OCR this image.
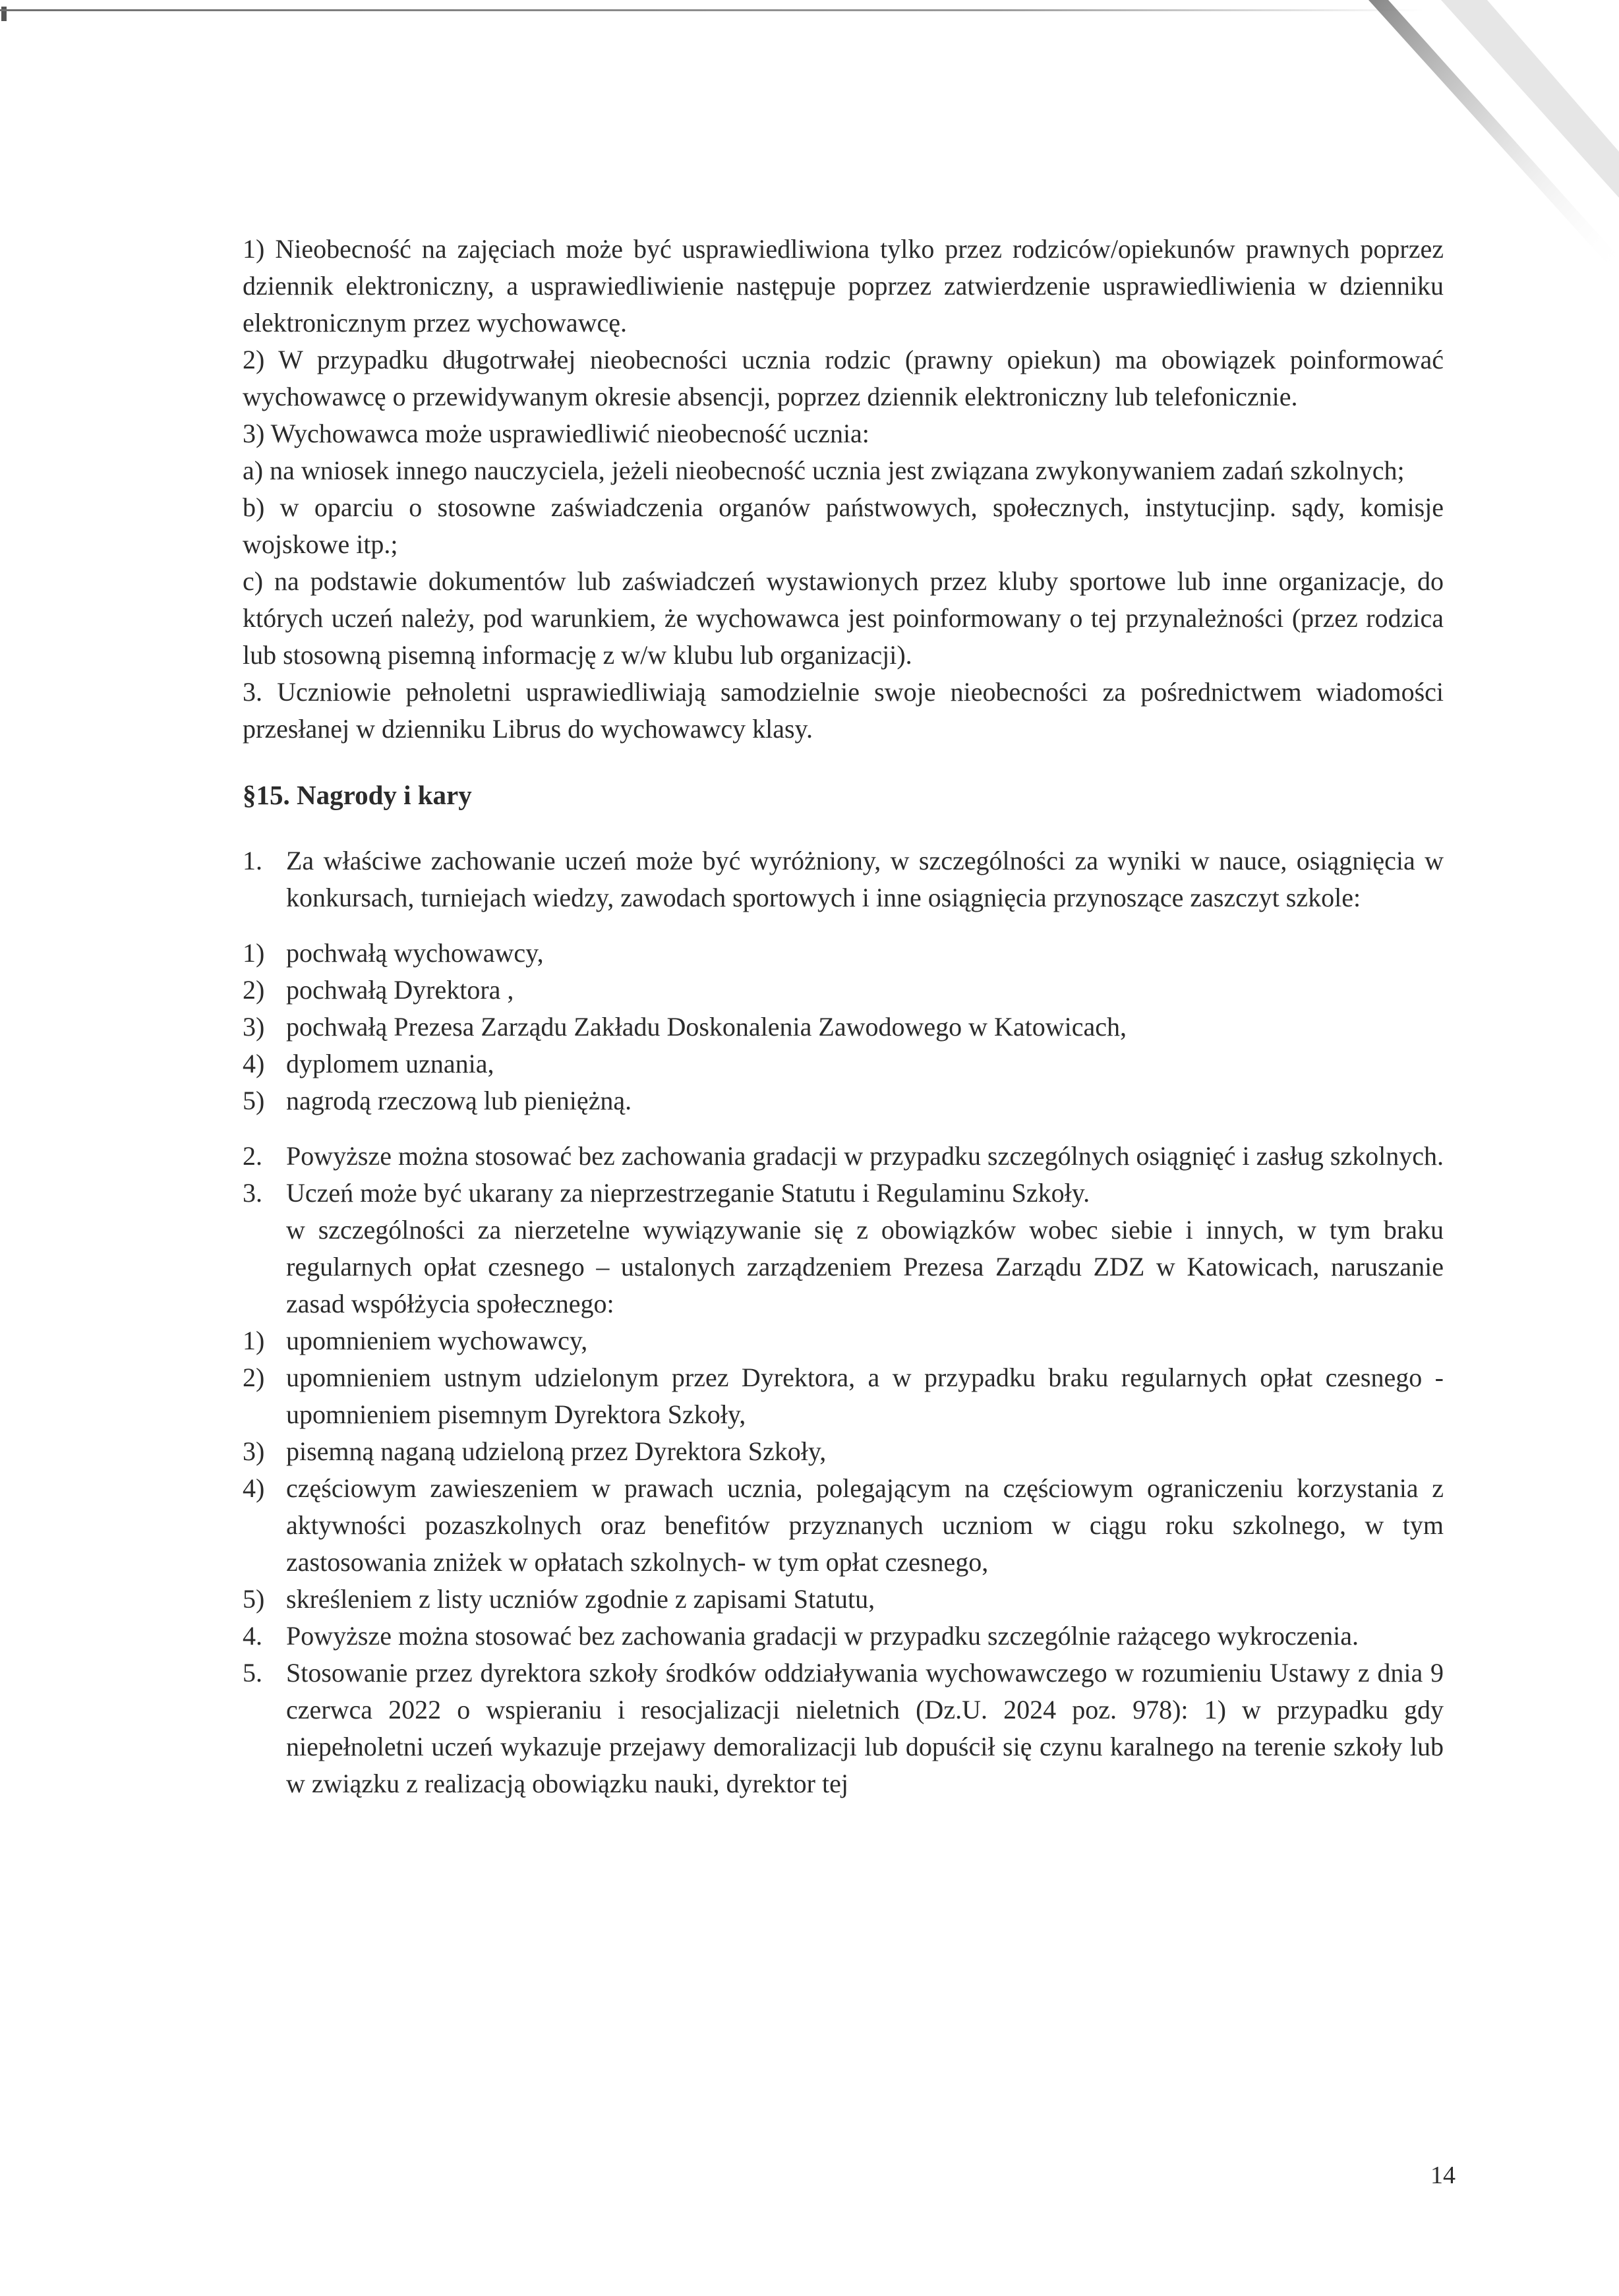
1) Nieobecność na zajęciach może być usprawiedliwiona tylko przez rodziców/opiekunów prawnych poprzez dziennik elektroniczny, a usprawiedliwienie następuje poprzez zatwierdzenie usprawiedliwienia w dzienniku elektronicznym przez wychowawcę.

2) W przypadku długotrwałej nieobecności ucznia rodzic (prawny opiekun) ma obowiązek poinformować wychowawcę o przewidywanym okresie absencji, poprzez dziennik elektroniczny lub telefonicznie.

3) Wychowawca może usprawiedliwić nieobecność ucznia:

a) na wniosek innego nauczyciela, jeżeli nieobecność ucznia jest związana zwykonywaniem zadań szkolnych;

b) w oparciu o stosowne zaświadczenia organów państwowych, społecznych, instytucjinp. sądy, komisje wojskowe itp.;

c) na podstawie dokumentów lub zaświadczeń wystawionych przez kluby sportowe lub inne organizacje, do których uczeń należy, pod warunkiem, że wychowawca jest poinformowany o tej przynależności (przez rodzica lub stosowną pisemną informację z w/w klubu lub organizacji).

3. Uczniowie pełnoletni usprawiedliwiają samodzielnie swoje nieobecności za pośrednictwem wiadomości przesłanej w dzienniku Librus do wychowawcy klasy.

§15. Nagrody i kary

1. Za właściwe zachowanie uczeń może być wyróżniony, w szczególności za wyniki w nauce, osiągnięcia w konkursach, turniejach wiedzy, zawodach sportowych i inne osiągnięcia przynoszące zaszczyt szkole:
1) pochwałą wychowawcy,
2) pochwałą Dyrektora ,
3) pochwałą Prezesa Zarządu Zakładu Doskonalenia Zawodowego w Katowicach,
4) dyplomem uznania,
5) nagrodą rzeczową lub pieniężną.
2. Powyższe można stosować bez zachowania gradacji w przypadku szczególnych osiągnięć i zasług szkolnych.
3. Uczeń może być ukarany za nieprzestrzeganie Statutu i Regulaminu Szkoły.

w szczególności za nierzetelne wywiązywanie się z obowiązków wobec siebie i innych, w tym braku regularnych opłat czesnego – ustalonych zarządzeniem Prezesa Zarządu ZDZ w Katowicach, naruszanie zasad współżycia społecznego:

1) upomnieniem wychowawcy,
2) upomnieniem ustnym udzielonym przez Dyrektora, a w przypadku braku regularnych opłat czesnego - upomnieniem pisemnym Dyrektora Szkoły,
3) pisemną naganą udzieloną przez Dyrektora Szkoły,
4) częściowym zawieszeniem w prawach ucznia, polegającym na częściowym ograniczeniu korzystania z aktywności pozaszkolnych oraz benefitów przyznanych uczniom w ciągu roku szkolnego, w tym zastosowania zniżek w opłatach szkolnych- w tym opłat czesnego,
5) skreśleniem z listy uczniów zgodnie z zapisami Statutu,
4. Powyższe można stosować bez zachowania gradacji w przypadku szczególnie rażącego wykroczenia.
5. Stosowanie przez dyrektora szkoły środków oddziaływania wychowawczego w rozumieniu Ustawy z dnia 9 czerwca 2022 o wspieraniu i resocjalizacji nieletnich (Dz.U. 2024 poz. 978): 1) w przypadku gdy niepełnoletni uczeń wykazuje przejawy demoralizacji lub dopuścił się czynu karalnego na terenie szkoły lub w związku z realizacją obowiązku nauki, dyrektor tej
14
